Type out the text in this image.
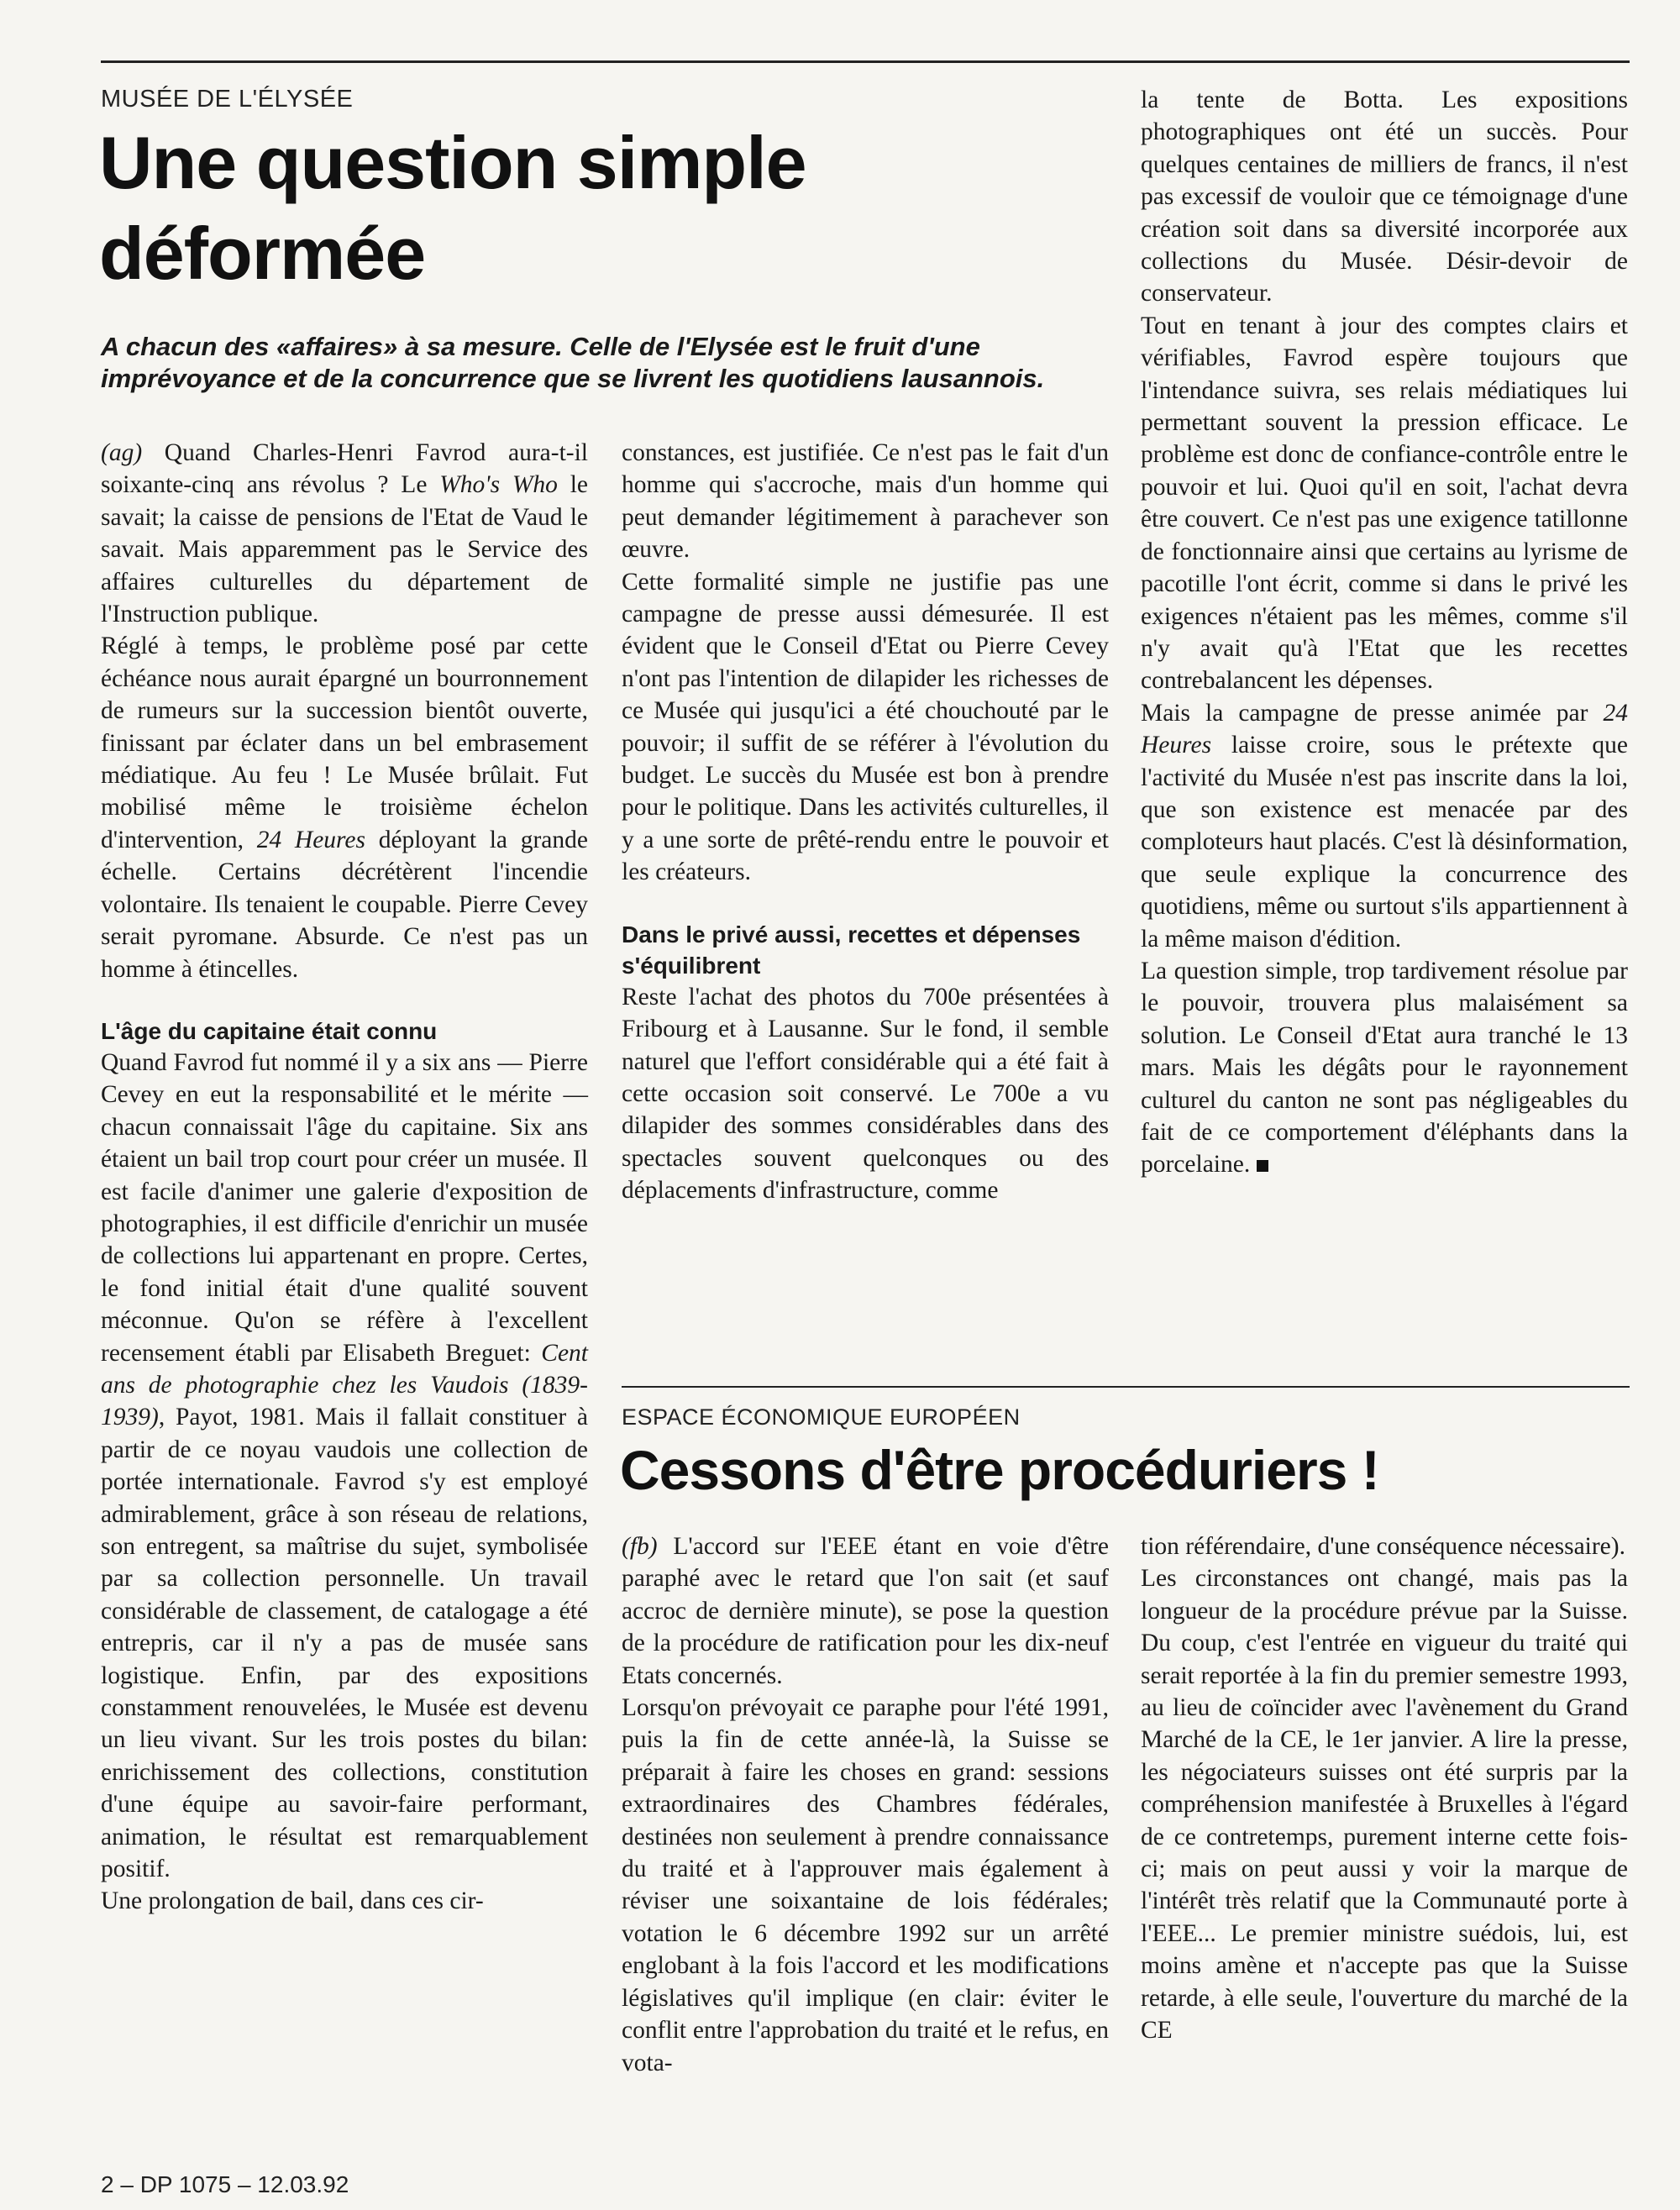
MUSÉE DE L'ÉLYSÉE
Une question simple
déformée
A chacun des «affaires» à sa mesure. Celle de l'Elysée est le fruit d'une imprévoyance et de la concurrence que se livrent les quotidiens lausannois.

(ag) Quand Charles-Henri Favrod aura-t-il soixante-cinq ans révolus ? Le Who's Who le savait; la caisse de pensions de l'Etat de Vaud le savait. Mais apparemment pas le Service des affaires culturelles du département de l'Instruction publique.

Réglé à temps, le problème posé par cette échéance nous aurait épargné un bourronnement de rumeurs sur la succession bientôt ouverte, finissant par éclater dans un bel embrasement médiatique. Au feu ! Le Musée brûlait. Fut mobilisé même le troisième échelon d'intervention, 24 Heures déployant la grande échelle. Certains décrétèrent l'incendie volontaire. Ils tenaient le coupable. Pierre Cevey serait pyromane. Absurde. Ce n'est pas un homme à étincelles.

L'âge du capitaine était connu

Quand Favrod fut nommé il y a six ans — Pierre Cevey en eut la responsabilité et le mérite — chacun connaissait l'âge du capitaine. Six ans étaient un bail trop court pour créer un musée. Il est facile d'animer une galerie d'exposition de photographies, il est difficile d'enrichir un musée de collections lui appartenant en propre. Certes, le fond initial était d'une qualité souvent méconnue. Qu'on se réfère à l'excellent recensement établi par Elisabeth Breguet: Cent ans de photographie chez les Vaudois (1839-1939), Payot, 1981. Mais il fallait constituer à partir de ce noyau vaudois une collection de portée internationale. Favrod s'y est employé admirablement, grâce à son réseau de relations, son entregent, sa maîtrise du sujet, symbolisée par sa collection personnelle. Un travail considérable de classement, de catalogage a été entrepris, car il n'y a pas de musée sans logistique. Enfin, par des expositions constamment renouvelées, le Musée est devenu un lieu vivant. Sur les trois postes du bilan: enrichissement des collections, constitution d'une équipe au savoir-faire performant, animation, le résultat est remarquablement positif.

Une prolongation de bail, dans ces cir-

constances, est justifiée. Ce n'est pas le fait d'un homme qui s'accroche, mais d'un homme qui peut demander légitimement à parachever son œuvre.

Cette formalité simple ne justifie pas une campagne de presse aussi démesurée. Il est évident que le Conseil d'Etat ou Pierre Cevey n'ont pas l'intention de dilapider les richesses de ce Musée qui jusqu'ici a été chouchouté par le pouvoir; il suffit de se référer à l'évolution du budget. Le succès du Musée est bon à prendre pour le politique. Dans les activités culturelles, il y a une sorte de prêté-rendu entre le pouvoir et les créateurs.

Dans le privé aussi, recettes et dépenses s'équilibrent

Reste l'achat des photos du 700e présentées à Fribourg et à Lausanne. Sur le fond, il semble naturel que l'effort considérable qui a été fait à cette occasion soit conservé. Le 700e a vu dilapider des sommes considérables dans des spectacles souvent quelconques ou des déplacements d'infrastructure, comme

la tente de Botta. Les expositions photographiques ont été un succès. Pour quelques centaines de milliers de francs, il n'est pas excessif de vouloir que ce témoignage d'une création soit dans sa diversité incorporée aux collections du Musée. Désir-devoir de conservateur.

Tout en tenant à jour des comptes clairs et vérifiables, Favrod espère toujours que l'intendance suivra, ses relais médiatiques lui permettant souvent la pression efficace. Le problème est donc de confiance-contrôle entre le pouvoir et lui. Quoi qu'il en soit, l'achat devra être couvert. Ce n'est pas une exigence tatillonne de fonctionnaire ainsi que certains au lyrisme de pacotille l'ont écrit, comme si dans le privé les exigences n'étaient pas les mêmes, comme s'il n'y avait qu'à l'Etat que les recettes contrebalancent les dépenses.

Mais la campagne de presse animée par 24 Heures laisse croire, sous le prétexte que l'activité du Musée n'est pas inscrite dans la loi, que son existence est menacée par des comploteurs haut placés. C'est là désinformation, que seule explique la concurrence des quotidiens, même ou surtout s'ils appartiennent à la même maison d'édition.

La question simple, trop tardivement résolue par le pouvoir, trouvera plus malaisément sa solution. Le Conseil d'Etat aura tranché le 13 mars. Mais les dégâts pour le rayonnement culturel du canton ne sont pas négligeables du fait de ce comportement d'éléphants dans la porcelaine.

ESPACE ÉCONOMIQUE EUROPÉEN
Cessons d'être procéduriers !

(fb) L'accord sur l'EEE étant en voie d'être paraphé avec le retard que l'on sait (et sauf accroc de dernière minute), se pose la question de la procédure de ratification pour les dix-neuf Etats concernés.

Lorsqu'on prévoyait ce paraphe pour l'été 1991, puis la fin de cette année-là, la Suisse se préparait à faire les choses en grand: sessions extraordinaires des Chambres fédérales, destinées non seulement à prendre connaissance du traité et à l'approuver mais également à réviser une soixantaine de lois fédérales; votation le 6 décembre 1992 sur un arrêté englobant à la fois l'accord et les modifications législatives qu'il implique (en clair: éviter le conflit entre l'approbation du traité et le refus, en vota-

tion référendaire, d'une conséquence nécessaire).

Les circonstances ont changé, mais pas la longueur de la procédure prévue par la Suisse. Du coup, c'est l'entrée en vigueur du traité qui serait reportée à la fin du premier semestre 1993, au lieu de coïncider avec l'avènement du Grand Marché de la CE, le 1er janvier. A lire la presse, les négociateurs suisses ont été surpris par la compréhension manifestée à Bruxelles à l'égard de ce contretemps, purement interne cette fois-ci; mais on peut aussi y voir la marque de l'intérêt très relatif que la Communauté porte à l'EEE... Le premier ministre suédois, lui, est moins amène et n'accepte pas que la Suisse retarde, à elle seule, l'ouverture du marché de la CE

2 – DP 1075 – 12.03.92
